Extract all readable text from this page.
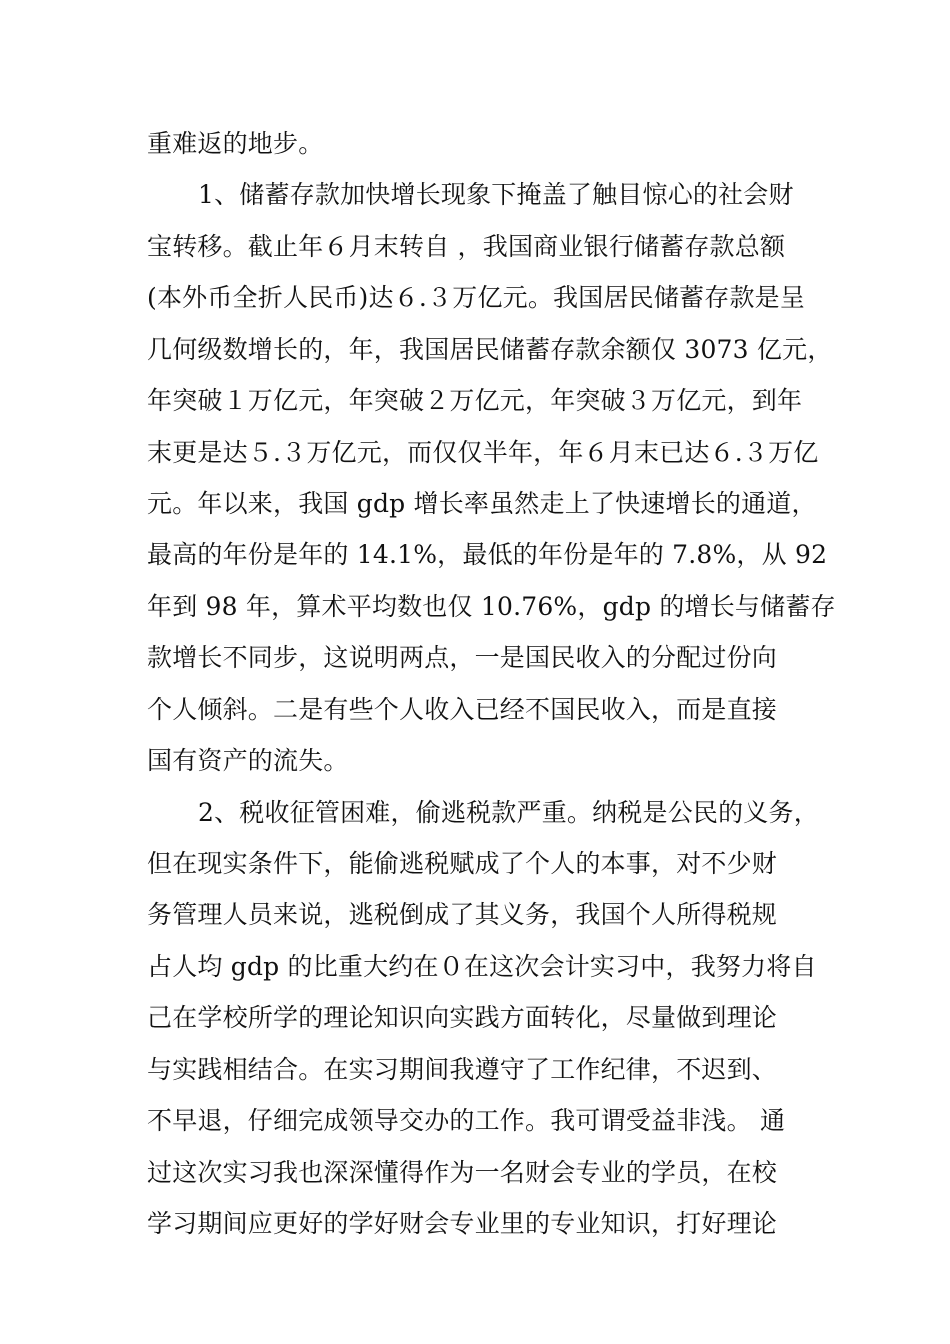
重难返的地步。
1、储蓄存款加快增长现象下掩盖了触目惊心的社会财
宝转移。截止年６月末转自 ，我国商业银行储蓄存款总额
(本外币全折人民币)达６.３万亿元。我国居民储蓄存款是呈
几何级数增长的，年，我国居民储蓄存款余额仅 3073 亿元，
年突破１万亿元，年突破２万亿元，年突破３万亿元，到年
末更是达５.３万亿元，而仅仅半年，年６月末已达６.３万亿
元。年以来，我国 gdp 增长率虽然走上了快速增长的通道，
最高的年份是年的 14.1%，最低的年份是年的 7.8%，从 92
年到 98 年，算术平均数也仅 10.76%，gdp 的增长与储蓄存
款增长不同步，这说明两点，一是国民收入的分配过份向
个人倾斜。二是有些个人收入已经不国民收入，而是直接
国有资产的流失。
2、税收征管困难，偷逃税款严重。纳税是公民的义务，
但在现实条件下，能偷逃税赋成了个人的本事，对不少财
务管理人员来说，逃税倒成了其义务，我国个人所得税规
占人均 gdp 的比重大约在０在这次会计实习中，我努力将自
己在学校所学的理论知识向实践方面转化，尽量做到理论
与实践相结合。在实习期间我遵守了工作纪律，不迟到、
不早退，仔细完成领导交办的工作。我可谓受益非浅。 通
过这次实习我也深深懂得作为一名财会专业的学员，在校
学习期间应更好的学好财会专业里的专业知识，打好理论
